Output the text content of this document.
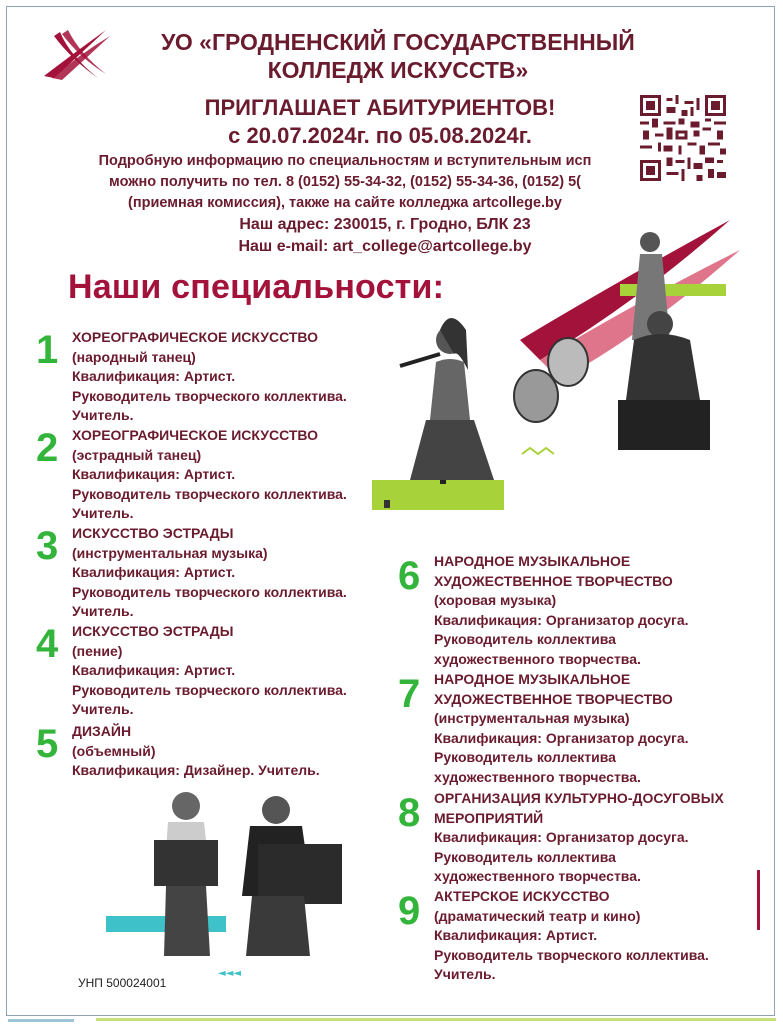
УО «ГРОДНЕНСКИЙ ГОСУДАРСТВЕННЫЙ
КОЛЛЕДЖ ИСКУССТВ»
ПРИГЛАШАЕТ АБИТУРИЕНТОВ!
с 20.07.2024г. по 05.08.2024г.
Подробную информацию по специальностям и вступительным исп
можно получить по тел. 8 (0152) 55-34-32, (0152) 55-34-36, (0152) 5(
(приемная комиссия), также на сайте колледжа artcollege.by
Наш адрес: 230015, г. Гродно, БЛК 23
Наш e-mail: art_college@artcollege.by
Наши специальности:
1 ХОРЕОГРАФИЧЕСКОЕ ИСКУССТВО
(народный танец)
Квалификация: Артист.
Руководитель творческого коллектива.
Учитель.
2 ХОРЕОГРАФИЧЕСКОЕ ИСКУССТВО
(эстрадный танец)
Квалификация: Артист.
Руководитель творческого коллектива.
Учитель.
3 ИСКУССТВО ЭСТРАДЫ
(инструментальная музыка)
Квалификация: Артист.
Руководитель творческого коллектива.
Учитель.
4 ИСКУССТВО ЭСТРАДЫ
(пение)
Квалификация: Артист.
Руководитель творческого коллектива.
Учитель.
5 ДИЗАЙН
(объемный)
Квалификация: Дизайнер. Учитель.
6 НАРОДНОЕ МУЗЫКАЛЬНОЕ
ХУДОЖЕСТВЕННОЕ ТВОРЧЕСТВО
(хоровая музыка)
Квалификация: Организатор досуга.
Руководитель коллектива
художественного творчества.
7 НАРОДНОЕ МУЗЫКАЛЬНОЕ
ХУДОЖЕСТВЕННОЕ ТВОРЧЕСТВО
(инструментальная музыка)
Квалификация: Организатор досуга.
Руководитель коллектива
художественного творчества.
8 ОРГАНИЗАЦИЯ КУЛЬТУРНО-ДОСУГОВЫХ
МЕРОПРИЯТИЙ
Квалификация: Организатор досуга.
Руководитель коллектива
художественного творчества.
9 АКТЕРСКОЕ ИСКУССТВО
(драматический театр и кино)
Квалификация: Артист.
Руководитель творческого коллектива.
Учитель.
◄◄◄
УНП 500024001
